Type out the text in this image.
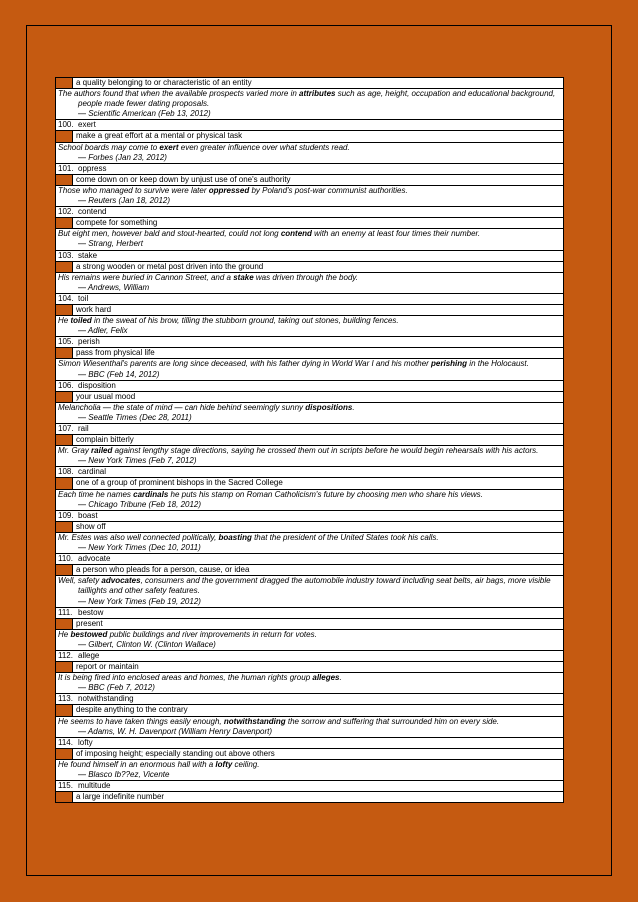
a quality belonging to or characteristic of an entity
The authors found that when the available prospects varied more in attributes such as age, height, occupation and educational background,
people made fewer dating proposals.
— Scientific American (Feb 13, 2012)
100. exert
make a great effort at a mental or physical task
School boards may come to exert even greater influence over what students read.
— Forbes (Jan 23, 2012)
101. oppress
come down on or keep down by unjust use of one's authority
Those who managed to survive were later oppressed by Poland's post-war communist authorities.
— Reuters (Jan 18, 2012)
102. contend
compete for something
But eight men, however bald and stout-hearted, could not long contend with an enemy at least four times their number.
— Strang, Herbert
103. stake
a strong wooden or metal post driven into the ground
His remains were buried in Cannon Street, and a stake was driven through the body.
— Andrews, William
104. toil
work hard
He toiled in the sweat of his brow, tilling the stubborn ground, taking out stones, building fences.
— Adler, Felix
105. perish
pass from physical life
Simon Wiesenthal's parents are long since deceased, with his father dying in World War I and his mother perishing in the Holocaust.
— BBC (Feb 14, 2012)
106. disposition
your usual mood
Melancholia — the state of mind — can hide behind seemingly sunny dispositions.
— Seattle Times (Dec 28, 2011)
107. rail
complain bitterly
Mr. Gray railed against lengthy stage directions, saying he crossed them out in scripts before he would begin rehearsals with his actors.
— New York Times (Feb 7, 2012)
108. cardinal
one of a group of prominent bishops in the Sacred College
Each time he names cardinals he puts his stamp on Roman Catholicism's future by choosing men who share his views.
— Chicago Tribune (Feb 18, 2012)
109. boast
show off
Mr. Estes was also well connected politically, boasting that the president of the United States took his calls.
— New York Times (Dec 10, 2011)
110. advocate
a person who pleads for a person, cause, or idea
Well, safety advocates, consumers and the government dragged the automobile industry toward including seat belts, air bags, more visible
taillights and other safety features.
— New York Times (Feb 19, 2012)
111. bestow
present
He bestowed public buildings and river improvements in return for votes.
— Gilbert, Clinton W. (Clinton Wallace)
112. allege
report or maintain
It is being fired into enclosed areas and homes, the human rights group alleges.
— BBC (Feb 7, 2012)
113. notwithstanding
despite anything to the contrary
He seems to have taken things easily enough, notwithstanding the sorrow and suffering that surrounded him on every side.
— Adams, W. H. Davenport (William Henry Davenport)
114. lofty
of imposing height; especially standing out above others
He found himself in an enormous hall with a lofty ceiling.
— Blasco Ib??ez, Vicente
115. multitude
a large indefinite number
